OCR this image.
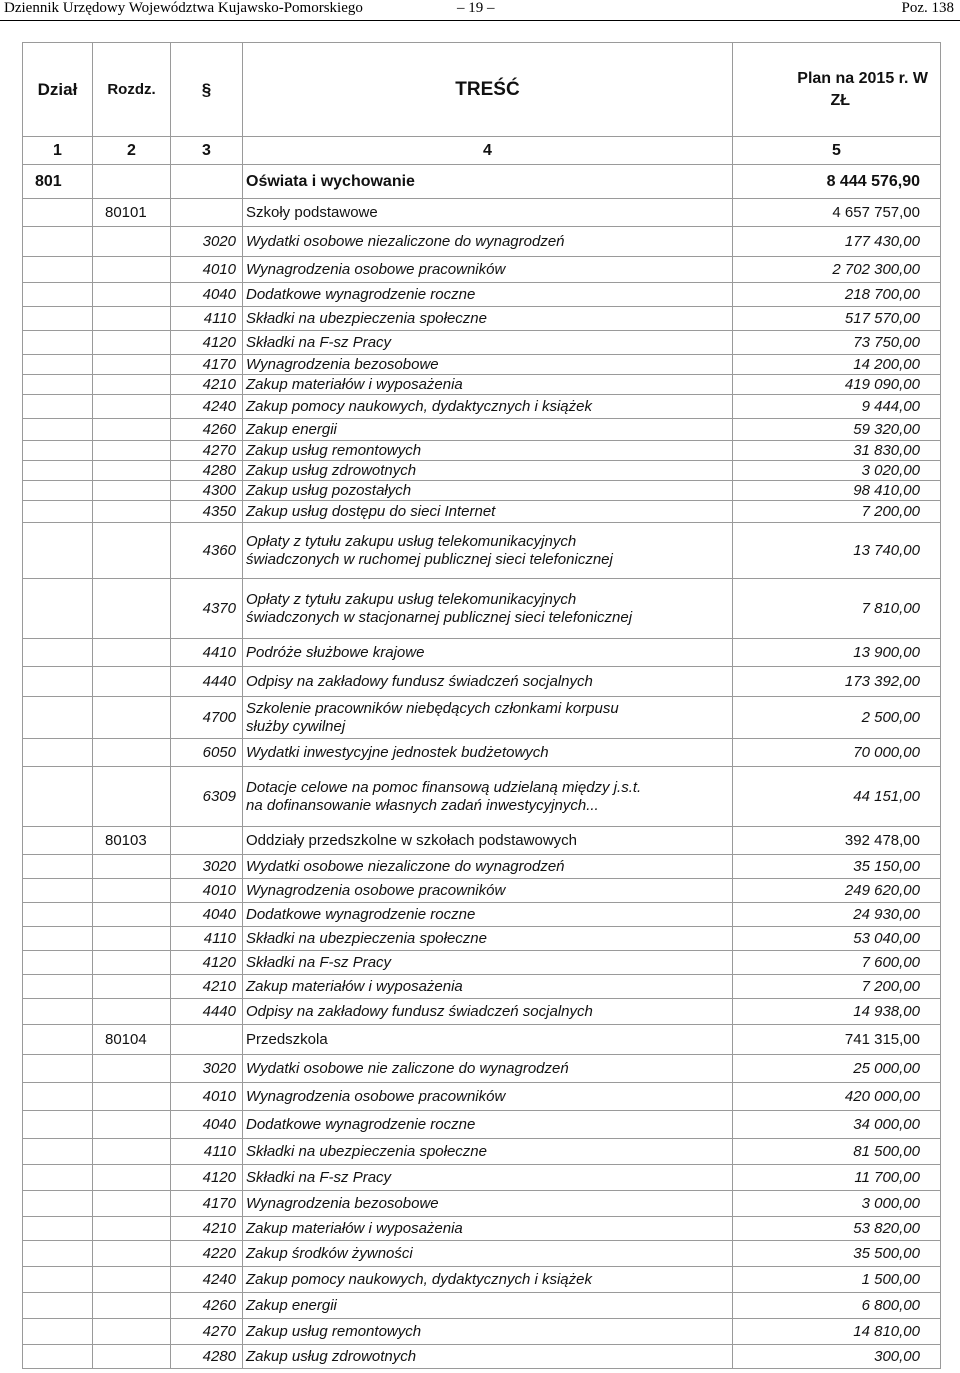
Dziennik Urzędowy Województwa Kujawsko-Pomorskiego	– 19 –	Poz. 138
Dział	Rozdz.	§	TREŚĆ	Plan na 2015 r. W
ZŁ

1	2	3	4	5
801			Oświata i wychowanie	8 444 576,90
	80101		Szkoły podstawowe	4 657 757,00
		3020	Wydatki osobowe niezaliczone do wynagrodzeń	177 430,00
		4010	Wynagrodzenia osobowe pracowników	2 702 300,00
		4040	Dodatkowe wynagrodzenie roczne	218 700,00
		4110	Składki na ubezpieczenia społeczne	517 570,00
		4120	Składki na F-sz Pracy	73 750,00
		4170	Wynagrodzenia bezosobowe	14 200,00
		4210	Zakup materiałów i wyposażenia	419 090,00
		4240	Zakup pomocy naukowych, dydaktycznych i książek	9 444,00
		4260	Zakup energii	59 320,00
		4270	Zakup usług remontowych	31 830,00
		4280	Zakup usług zdrowotnych	3 020,00
		4300	Zakup usług pozostałych	98 410,00
		4350	Zakup usług dostępu do sieci Internet	7 200,00
		4360	Opłaty z tytułu zakupu usług telekomunikacyjnych
świadczonych w ruchomej publicznej sieci telefonicznej	13 740,00
		4370	Opłaty z tytułu zakupu usług telekomunikacyjnych
świadczonych w stacjonarnej publicznej sieci telefonicznej	7 810,00
		4410	Podróże służbowe krajowe	13 900,00
		4440	Odpisy na zakładowy fundusz świadczeń socjalnych	173 392,00
		4700	Szkolenie pracowników niebędących członkami korpusu
służby cywilnej	2 500,00
		6050	Wydatki inwestycyjne jednostek budżetowych	70 000,00
		6309	Dotacje celowe na pomoc finansową udzielaną między j.s.t.
na dofinansowanie własnych zadań inwestycyjnych...	44 151,00
	80103		Oddziały przedszkolne w szkołach podstawowych	392 478,00
		3020	Wydatki osobowe niezaliczone do wynagrodzeń	35 150,00
		4010	Wynagrodzenia osobowe pracowników	249 620,00
		4040	Dodatkowe wynagrodzenie roczne	24 930,00
		4110	Składki na ubezpieczenia społeczne	53 040,00
		4120	Składki na F-sz Pracy	7 600,00
		4210	Zakup materiałów i wyposażenia	7 200,00
		4440	Odpisy na zakładowy fundusz świadczeń socjalnych	14 938,00
	80104		Przedszkola	741 315,00
		3020	Wydatki osobowe nie zaliczone do wynagrodzeń	25 000,00
		4010	Wynagrodzenia osobowe pracowników	420 000,00
		4040	Dodatkowe wynagrodzenie roczne	34 000,00
		4110	Składki na ubezpieczenia społeczne	81 500,00
		4120	Składki na F-sz Pracy	11 700,00
		4170	Wynagrodzenia bezosobowe	3 000,00
		4210	Zakup materiałów i wyposażenia	53 820,00
		4220	Zakup środków żywności	35 500,00
		4240	Zakup pomocy naukowych, dydaktycznych i książek	1 500,00
		4260	Zakup energii	6 800,00
		4270	Zakup usług remontowych	14 810,00
		4280	Zakup usług zdrowotnych	300,00
